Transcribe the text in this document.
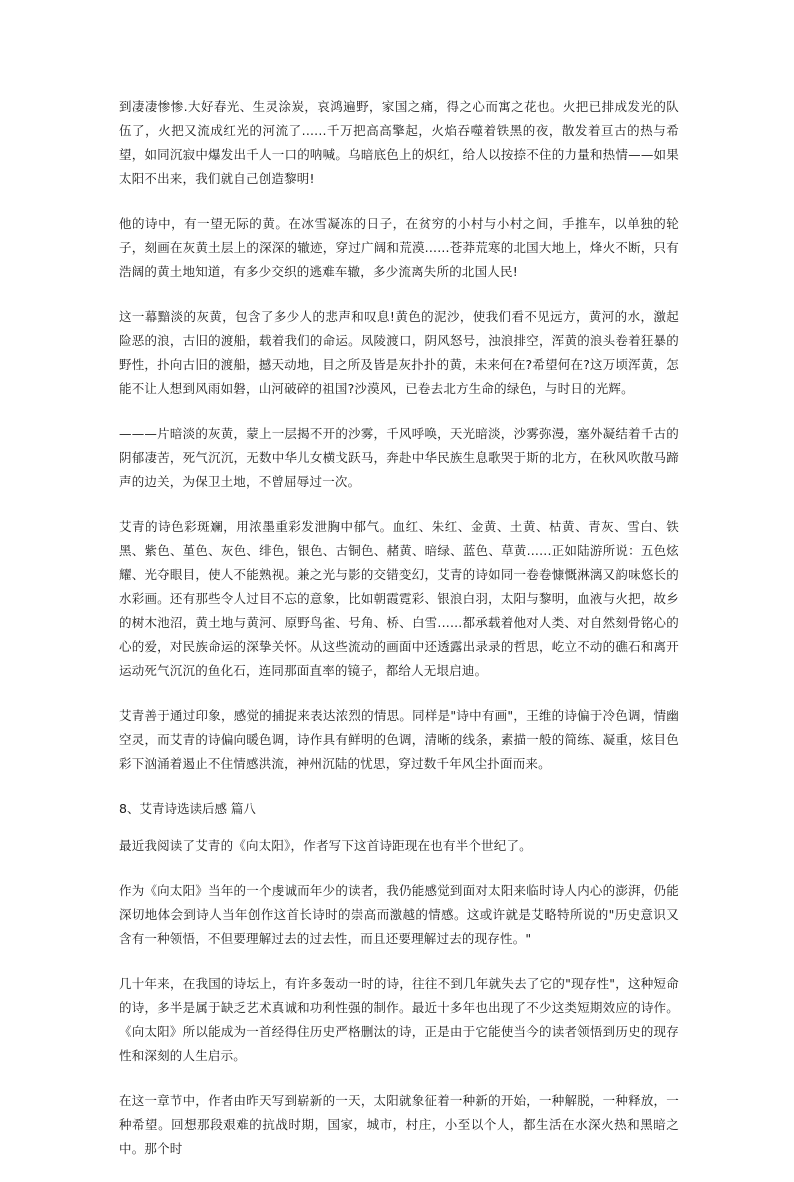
到凄凄惨惨.大好春光、生灵涂炭，哀鸿遍野，家国之痛，得之心而寓之花也。火把已排成发光的队伍了，火把又流成红光的河流了......千万把高高擎起，火焰吞噬着铁黑的夜，散发着亘古的热与希望，如同沉寂中爆发出千人一口的呐喊。乌暗底色上的炽红，给人以按捺不住的力量和热情——如果太阳不出来，我们就自己创造黎明!

他的诗中，有一望无际的黄。在冰雪凝冻的日子，在贫穷的小村与小村之间，手推车，以单独的轮子，刻画在灰黄土层上的深深的辙迹，穿过广阔和荒漠......苍莽荒寒的北国大地上，烽火不断，只有浩阔的黄土地知道，有多少交织的逃难车辙，多少流离失所的北国人民!

这一幕黯淡的灰黄，包含了多少人的悲声和叹息!黄色的泥沙，使我们看不见远方，黄河的水，激起险恶的浪，古旧的渡船，载着我们的命运。凤陵渡口，阴风怒号，浊浪排空，浑黄的浪头卷着狂暴的野性，扑向古旧的渡船，撼天动地，目之所及皆是灰扑扑的黄，未来何在?希望何在?这万顷浑黄，怎能不让人想到风雨如磐，山河破碎的祖国?沙漠风，已卷去北方生命的绿色，与时日的光辉。

———片暗淡的灰黄，蒙上一层揭不开的沙雾，千风呼唤，天光暗淡，沙雾弥漫，塞外凝结着千古的阴郁凄苦，死气沉沉，无数中华儿女横戈跃马，奔赴中华民族生息歌哭于斯的北方，在秋风吹散马蹄声的边关，为保卫土地，不曾屈辱过一次。

艾青的诗色彩斑斓，用浓墨重彩发泄胸中郁气。血红、朱红、金黄、土黄、枯黄、青灰、雪白、铁黑、紫色、堇色、灰色、绯色，银色、古铜色、赭黄、暗绿、蓝色、草黄......正如陆游所说：五色炫耀、光夺眼目，使人不能熟视。兼之光与影的交错变幻，艾青的诗如同一卷卷慷慨淋漓又韵味悠长的水彩画。还有那些令人过目不忘的意象，比如朝霞霓彩、银浪白羽，太阳与黎明，血液与火把，故乡的树木池沼，黄土地与黄河、原野鸟雀、号角、桥、白雪......都承载着他对人类、对自然刻骨铭心的心的爱，对民族命运的深挚关怀。从这些流动的画面中还透露出录录的哲思，屹立不动的礁石和离开运动死气沉沉的鱼化石，连同那面直率的镜子，都给人无垠启迪。

艾青善于通过印象，感觉的捕捉来表达浓烈的情思。同样是"诗中有画"，王维的诗偏于冷色调，情幽空灵，而艾青的诗偏向暖色调，诗作具有鲜明的色调，清晰的线条，素描一般的简练、凝重，炫目色彩下汹涌着遏止不住情感洪流，神州沉陆的忧思，穿过数千年风尘扑面而来。

8、艾青诗选读后感 篇八

最近我阅读了艾青的《向太阳》，作者写下这首诗距现在也有半个世纪了。

作为《向太阳》当年的一个虔诚而年少的读者，我仍能感觉到面对太阳来临时诗人内心的澎湃，仍能深切地体会到诗人当年创作这首长诗时的崇高而激越的情感。这或许就是艾略特所说的"历史意识又含有一种领悟，不但要理解过去的过去性，而且还要理解过去的现存性。"

几十年来，在我国的诗坛上，有许多轰动一时的诗，往往不到几年就失去了它的"现存性"，这种短命的诗，多半是属于缺乏艺术真诚和功利性强的制作。最近十多年也出现了不少这类短期效应的诗作。《向太阳》所以能成为一首经得住历史严格删汰的诗，正是由于它能使当今的读者领悟到历史的现存性和深刻的人生启示。

在这一章节中，作者由昨天写到崭新的一天，太阳就象征着一种新的开始，一种解脱，一种释放，一种希望。回想那段艰难的抗战时期，国家，城市，村庄，小至以个人，都生活在水深火热和黑暗之中。那个时
